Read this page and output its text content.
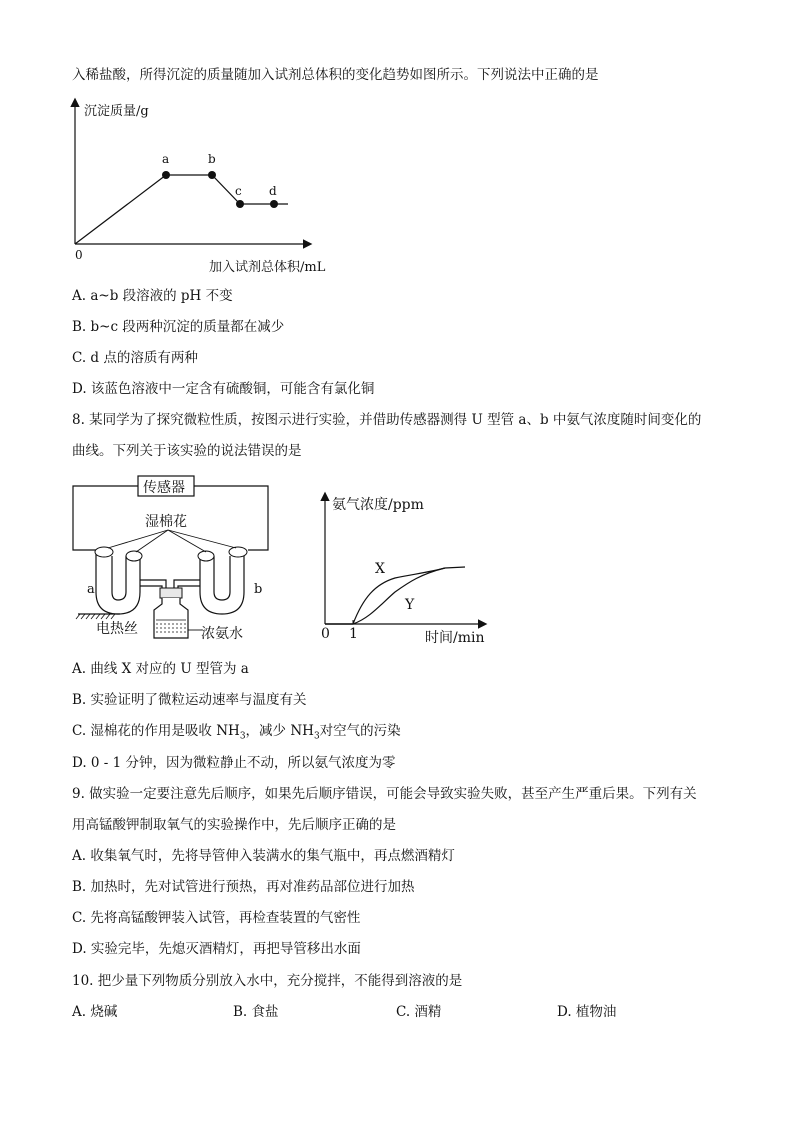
入稀盐酸，所得沉淀的质量随加入试剂总体积的变化趋势如图所示。下列说法中正确的是
沉淀质量/g
加入试剂总体积/mL
0
a	b
c d
A. a~b 段溶液的 pH 不变
B. b~c 段两种沉淀的质量都在减少
C. d 点的溶质有两种
D. 该蓝色溶液中一定含有硫酸铜，可能含有氯化铜
8. 某同学为了探究微粒性质，按图示进行实验，并借助传感器测得 U 型管 a、b 中氨气浓度随时间变化的
曲线。下列关于该实验的说法错误的是
传感器
湿棉花
a	b
电热丝	浓氨水
氨气浓度/ppm
时间/min
0 1
X
Y
A. 曲线 X 对应的 U 型管为 a
B. 实验证明了微粒运动速率与温度有关
C. 湿棉花的作用是吸收 $NH_3$，减少 $NH_3$对空气的污染
D. 0 - 1 分钟，因为微粒静止不动，所以氨气浓度为零
9. 做实验一定要注意先后顺序，如果先后顺序错误，可能会导致实验失败，甚至产生严重后果。下列有关
用高锰酸钾制取氧气的实验操作中，先后顺序正确的是
A. 收集氧气时，先将导管伸入装满水的集气瓶中，再点燃酒精灯
B. 加热时，先对试管进行预热，再对准药品部位进行加热
C. 先将高锰酸钾装入试管，再检查装置的气密性
D. 实验完毕，先熄灭酒精灯，再把导管移出水面
10. 把少量下列物质分别放入水中，充分搅拌，不能得到溶液的是
A. 烧碱	B. 食盐	C. 酒精	D. 植物油
